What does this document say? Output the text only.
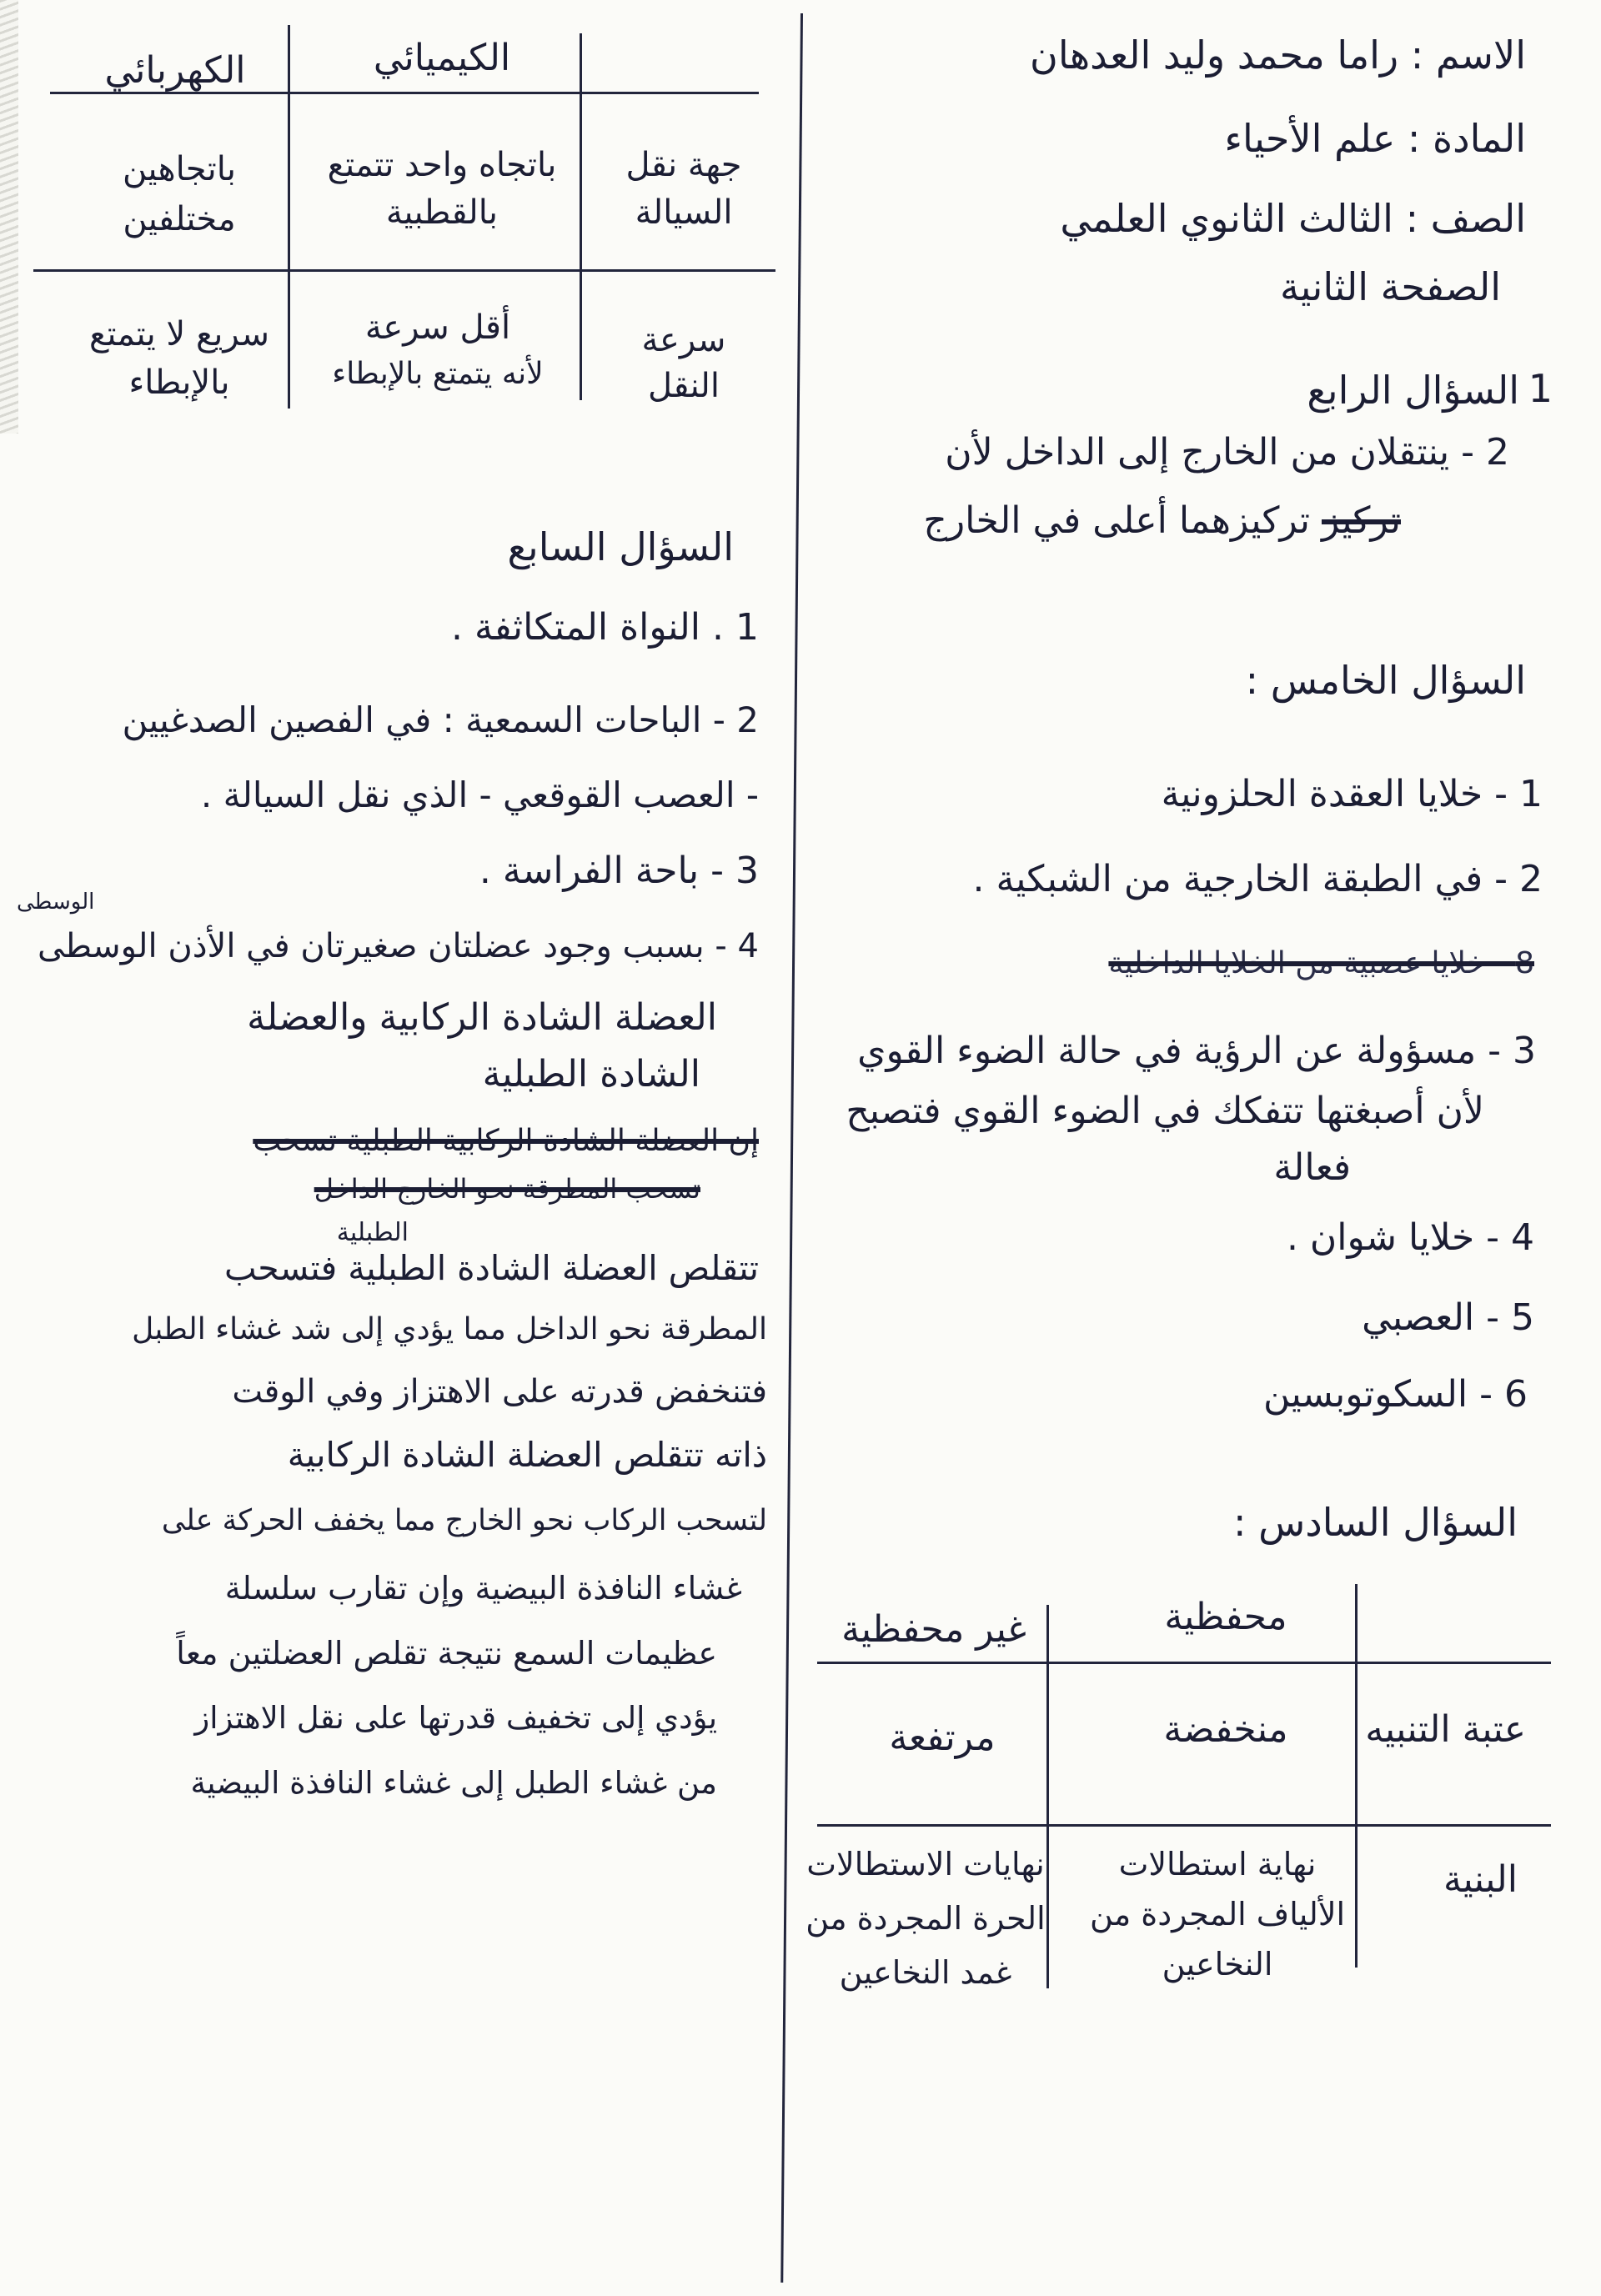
الاسم : راما محمد وليد العدهان
المادة : علم الأحياء
الصف : الثالث الثانوي العلمي
الصفحة الثانية
1
السؤال الرابع
2 - ينتقلان من الخارج إلى الداخل لأن
تركيز تركيزهما أعلى في الخارج
السؤال الخامس :
1 - خلايا العقدة الحلزونية
2 - في الطبقة الخارجية من الشبكية .
8 - خلايا عصبية من الخلايا الداخلية
3 - مسؤولة عن الرؤية في حالة الضوء القوي
لأن أصبغتها تتفكك في الضوء القوي فتصبح
فعالة
4 - خلايا شوان .
5 - العصبي
6 - السكوتوبسين
السؤال السادس :
محفظية
غير محفظية
عتبة التنبيه
منخفضة
مرتفعة
البنية
نهاية استطالات
الألياف المجردة من
النخاعين
نهايات الاستطالات
الحرة المجردة من
غمد النخاعين
الكيميائي
الكهربائي
جهة نقل
السيالة
باتجاه واحد تتمتع
بالقطبية
باتجاهين
مختلفين
سرعة
النقل
أقل سرعة
لأنه يتمتع بالإبطاء
سريع لا يتمتع
بالإبطاء
السؤال السابع
1 . النواة المتكاثفة .
2 - الباحات السمعية : في الفصين الصدغيين
- العصب القوقعي - الذي نقل السيالة .
3 - باحة الفراسة .
الوسطى
4 - بسبب وجود عضلتان صغيرتان في الأذن الوسطى
العضلة الشادة الركابية والعضلة
الشادة الطبلية
إن العضلة الشادة الركابية الطبلية تسحب
تسحب المطرقة نحو الخارج الداخل
الطبلية
تتقلص العضلة الشادة الطبلية فتسحب
المطرقة نحو الداخل مما يؤدي إلى شد غشاء الطبل
فتنخفض قدرته على الاهتزاز وفي الوقت
ذاته تتقلص العضلة الشادة الركابية
لتسحب الركاب نحو الخارج مما يخفف الحركة على
غشاء النافذة البيضية وإن تقارب سلسلة
عظيمات السمع نتيجة تقلص العضلتين معاً
يؤدي إلى تخفيف قدرتها على نقل الاهتزاز
من غشاء الطبل إلى غشاء النافذة البيضية
